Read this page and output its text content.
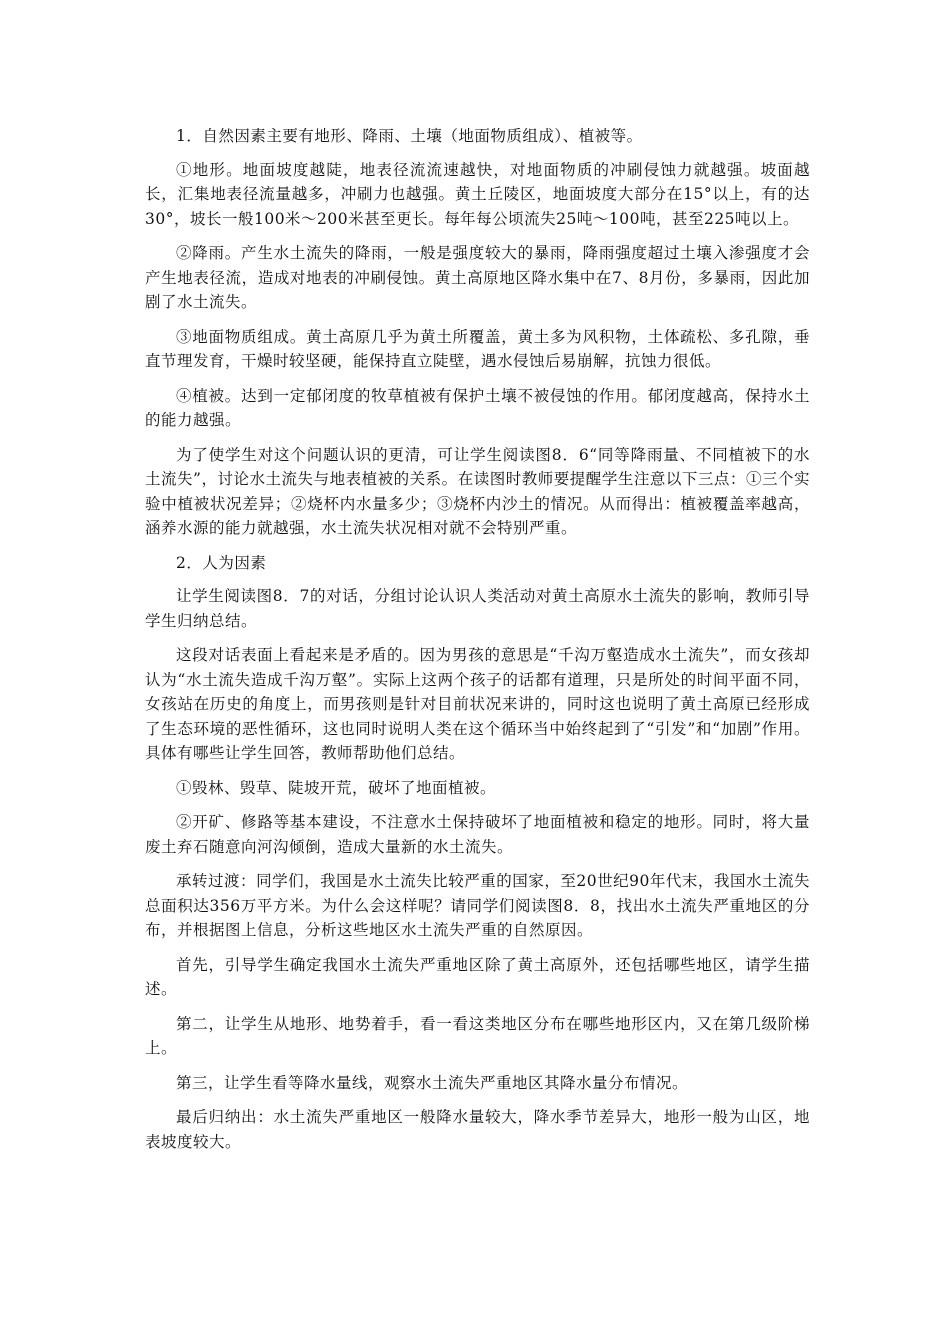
1．自然因素主要有地形、降雨、土壤（地面物质组成）、植被等。

①地形。地面坡度越陡，地表径流流速越快，对地面物质的冲刷侵蚀力就越强。坡面越长，汇集地表径流量越多，冲刷力也越强。黄土丘陵区，地面坡度大部分在15°以上，有的达30°，坡长一般100米～200米甚至更长。每年每公顷流失25吨～100吨，甚至225吨以上。

②降雨。产生水土流失的降雨，一般是强度较大的暴雨，降雨强度超过土壤入渗强度才会产生地表径流，造成对地表的冲刷侵蚀。黄土高原地区降水集中在7、8月份，多暴雨，因此加剧了水土流失。

③地面物质组成。黄土高原几乎为黄土所覆盖，黄土多为风积物，土体疏松、多孔隙，垂直节理发育，干燥时较坚硬，能保持直立陡壁，遇水侵蚀后易崩解，抗蚀力很低。

④植被。达到一定郁闭度的牧草植被有保护土壤不被侵蚀的作用。郁闭度越高，保持水土的能力越强。

为了使学生对这个问题认识的更清，可让学生阅读图8．6“同等降雨量、不同植被下的水土流失”，讨论水土流失与地表植被的关系。在读图时教师要提醒学生注意以下三点：①三个实验中植被状况差异；②烧杯内水量多少；③烧杯内沙土的情况。从而得出：植被覆盖率越高，涵养水源的能力就越强，水土流失状况相对就不会特别严重。

2．人为因素

让学生阅读图8．7的对话，分组讨论认识人类活动对黄土高原水土流失的影响，教师引导学生归纳总结。

这段对话表面上看起来是矛盾的。因为男孩的意思是“千沟万壑造成水土流失”，而女孩却认为“水土流失造成千沟万壑”。实际上这两个孩子的话都有道理，只是所处的时间平面不同，女孩站在历史的角度上，而男孩则是针对目前状况来讲的，同时这也说明了黄土高原已经形成了生态环境的恶性循环，这也同时说明人类在这个循环当中始终起到了“引发”和“加剧”作用。具体有哪些让学生回答，教师帮助他们总结。

①毁林、毁草、陡坡开荒，破坏了地面植被。

②开矿、修路等基本建设，不注意水土保持破坏了地面植被和稳定的地形。同时，将大量废土弃石随意向河沟倾倒，造成大量新的水土流失。

承转过渡：同学们，我国是水土流失比较严重的国家，至20世纪90年代末，我国水土流失总面积达356万平方米。为什么会这样呢？请同学们阅读图8．8，找出水土流失严重地区的分布，并根据图上信息，分析这些地区水土流失严重的自然原因。

首先，引导学生确定我国水土流失严重地区除了黄土高原外，还包括哪些地区，请学生描述。

第二，让学生从地形、地势着手，看一看这类地区分布在哪些地形区内，又在第几级阶梯上。

第三，让学生看等降水量线，观察水土流失严重地区其降水量分布情况。

最后归纳出：水土流失严重地区一般降水量较大，降水季节差异大，地形一般为山区，地表坡度较大。
